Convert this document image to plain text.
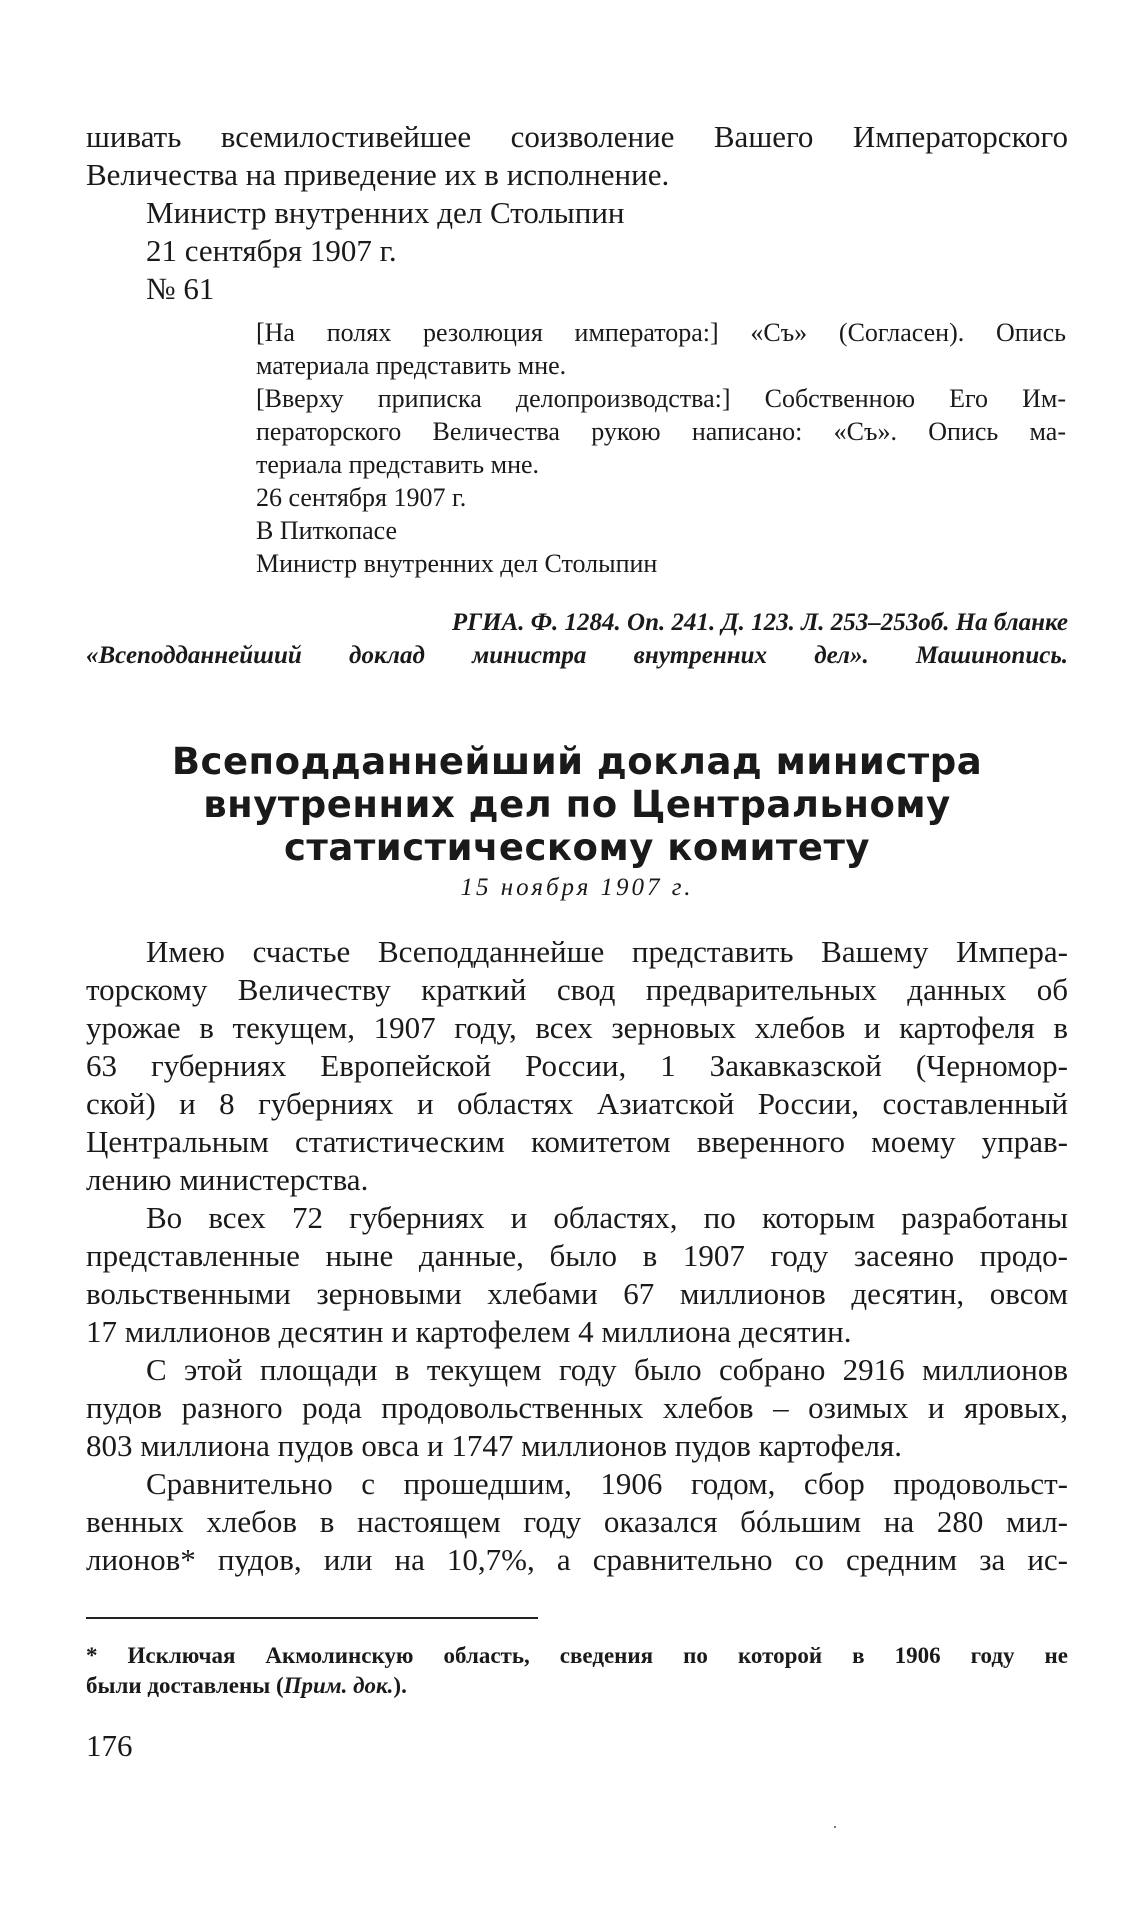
шивать всемилостивейшее соизволение Вашего Императорского
Величества на приведение их в исполнение.
Министр внутренних дел Столыпин
21 сентября 1907 г.
№ 61
[На полях резолюция императора:] «Съ» (Согласен). Опись
материала представить мне.
[Вверху приписка делопроизводства:] Собственною Его Им-
ператорского Величества рукою написано: «Съ». Опись ма-
териала представить мне.
26 сентября 1907 г.
В Питкопасе
Министр внутренних дел Столыпин
РГИА. Ф. 1284. Оп. 241. Д. 123. Л. 253–253об. На бланке
«Всеподданнейший доклад министра внутренних дел». Машинопись.
Всеподданнейший доклад министра
внутренних дел по Центральному
статистическому комитету
15 ноября 1907 г.
Имею счастье Всеподданнейше представить Вашему Импера-
торскому Величеству краткий свод предварительных данных об
урожае в текущем, 1907 году, всех зерновых хлебов и картофеля в
63 губерниях Европейской России, 1 Закавказской (Черномор-
ской) и 8 губерниях и областях Азиатской России, составленный
Центральным статистическим комитетом вверенного моему управ-
лению министерства.
Во всех 72 губерниях и областях, по которым разработаны
представленные ныне данные, было в 1907 году засеяно продо-
вольственными зерновыми хлебами 67 миллионов десятин, овсом
17 миллионов десятин и картофелем 4 миллиона десятин.
С этой площади в текущем году было собрано 2916 миллионов
пудов разного рода продовольственных хлебов – озимых и яровых,
803 миллиона пудов овса и 1747 миллионов пудов картофеля.
Сравнительно с прошедшим, 1906 годом, сбор продовольст-
венных хлебов в настоящем году оказался бóльшим на 280 мил-
лионов* пудов, или на 10,7%, а сравнительно со средним за ис-
* Исключая Акмолинскую область, сведения по которой в 1906 году не
были доставлены (Прим. док.).
176
